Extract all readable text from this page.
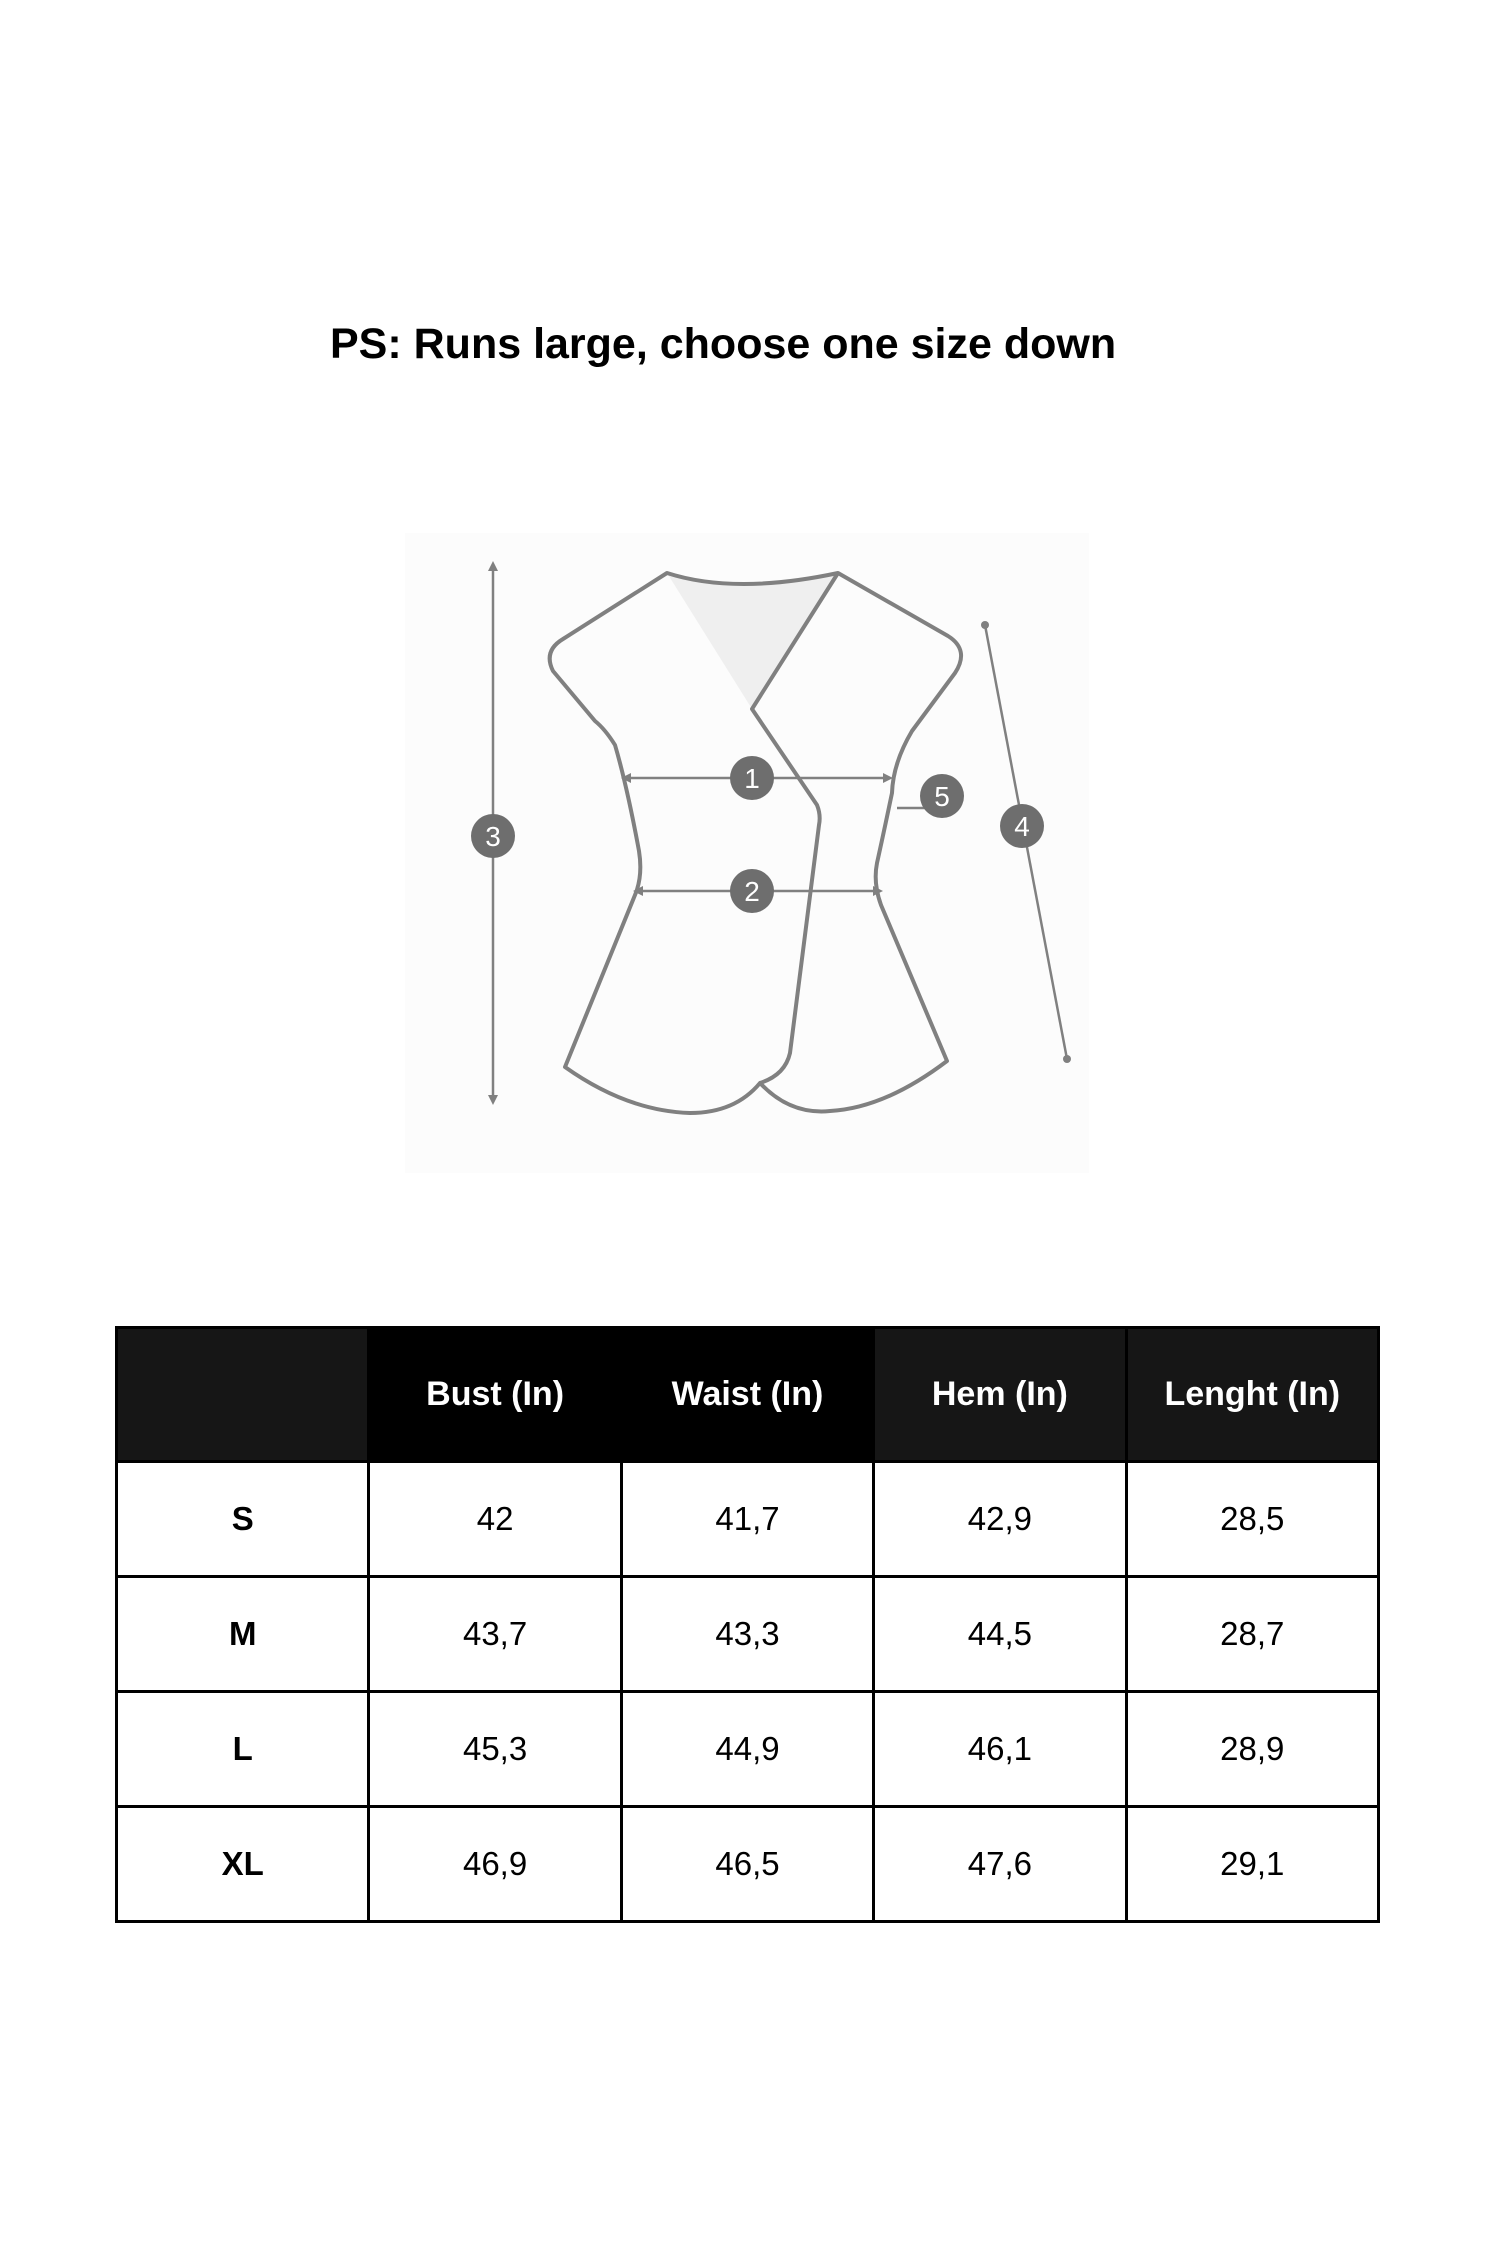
PS: Runs large, choose one size down
1
2
3	4
5
	Bust (In)	Waist (In)	Hem (In)	Lenght (In)
S	42	41,7	42,9	28,5
M	43,7	43,3	44,5	28,7
L	45,3	44,9	46,1	28,9
XL	46,9	46,5	47,6	29,1
